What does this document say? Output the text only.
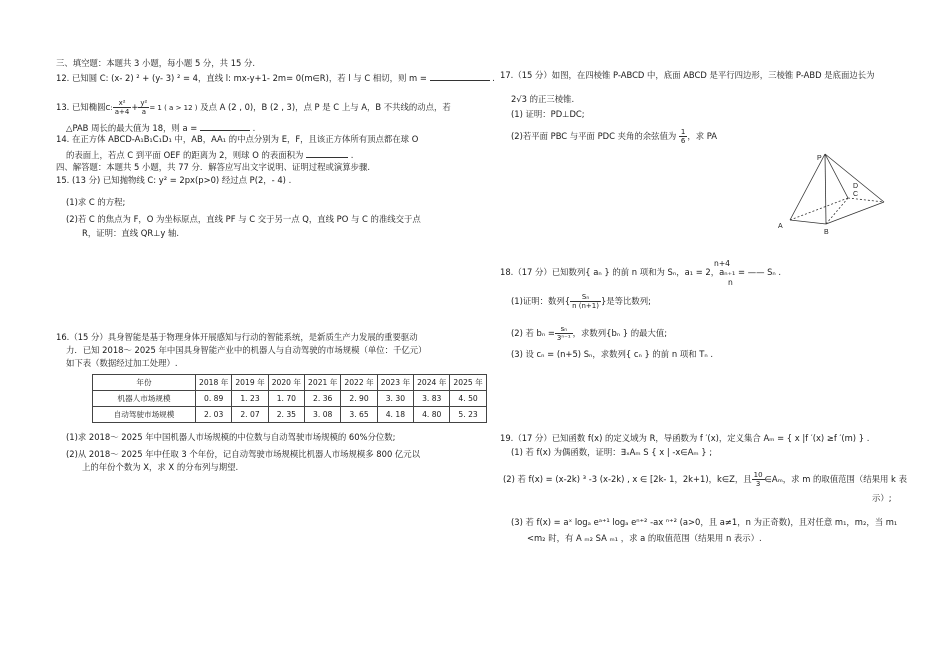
三、填空题：本题共 3 小题，每小题 5 分，共 15 分.
12. 已知圆 C: (x- 2) ² + (y- 3) ² = 4，直线 l: mx-y+1- 2m= 0(m∈R)，若 l 与 C 相切，则 m =	.
13. 已知椭圆C: $\frac{\text{x²}}{a+4} + \frac{\text{y²}}{a} = 1$ ( a > 12 ) 及点 A (2 , 0)，B (2 , 3)，点 P 是 C 上与 A，B 不共线的动点，若
△PAB 周长的最大值为 18，则 a =	.
14. 在正方体 ABCD-A₁B₁C₁D₁ 中，AB，AA₁ 的中点分别为 E，F，且该正方体所有顶点都在球 O
的表面上，若点 C 到平面 OEF 的距离为 2，则球 O 的表面积为	.
四、解答题：本题共 5 小题，共 77 分．解答应写出文字说明、证明过程或演算步骤.
15. (13 分) 已知抛物线 C: y² = 2px(p>0) 经过点 P(2，- 4) .
(1)求 C 的方程;
(2)若 C 的焦点为 F，O 为坐标原点，直线 PF 与 C 交于另一点 Q，直线 PO 与 C 的准线交于点
R，证明：直线 QR⊥y 轴.
16.（15 分）具身智能是基于物理身体开展感知与行动的智能系统，是新质生产力发展的重要驱动
力．已知 2018～ 2025 年中国具身智能产业中的机器人与自动驾驶的市场规模（单位：千亿元）
如下表（数据经过加工处理）.
年份	2018 年	2019 年	2020 年	2021 年	2022 年	2023 年	2024 年	2025 年
机器人市场规模	0. 89	1. 23	1. 70	2. 36	2. 90	3. 30	3. 83	4. 50
自动驾驶市场规模	2. 03	2. 07	2. 35	3. 08	3. 65	4. 18	4. 80	5. 23
(1)求 2018～ 2025 年中国机器人市场规模的中位数与自动驾驶市场规模的 60%分位数;
(2)从 2018～ 2025 年中任取 3 个年份，记自动驾驶市场规模比机器人市场规模多 800 亿元以
上的年份个数为 X，求 X 的分布列与期望.
17.（15 分）如图，在四棱锥 P-ABCD 中，底面 ABCD 是平行四边形，三棱锥 P-ABD 是底面边长为
2√3 的正三棱锥.
(1) 证明：PD⊥DC;
(2)若平面 PBC 与平面 PDC 夹角的余弦值为 $\frac{1}{6}$ ，求 PA
P
D
C
A
B
n+4
18.（17 分）已知数列{ aₙ } 的前 n 项和为 Sₙ，a₁ = 2，aₙ₊₁ = —— Sₙ .
n
(1)证明：数列{ $\frac{\text{Sₙ}}{n (n+1)}$ }是等比数列;
(2) 若 $b_n = \frac{\text{sₙ}}{\text{3ⁿ⁻¹}}$ ，求数列{bₙ } 的最大值;
(3) 设 cₙ = (n+5) Sₙ，求数列{ cₙ } 的前 n 项和 Tₙ .
19.（17 分）已知函数 f(x) 的定义域为 R，导函数为 f ′(x)，定义集合 Aₘ = { x |f ′(x) ≥f ′(m) } .
(1) 若 f(x) 为偶函数，证明：∃ₓAₘ S { x | -x∈Aₘ } ;
(2) 若 f(x) = (x-2k) ³ -3 (x-2k) , x ∈ [2k- 1，2k+1)，k∈Z，且 $\frac{10}{3}$ ∈Aₘ，求 m 的取值范围（结果用 k 表
示）;
(3) 若 f(x) = aˣ logₐ eᵃ⁺¹ logₐ eⁿ⁺² -ax ⁿ⁺² (a>0，且 a≠1，n 为正奇数)，且对任意 m₁，m₂，当 m₁
<m₂ 时，有 A ₘ₂ SA ₘ₁ ，求 a 的取值范围（结果用 n 表示）.
